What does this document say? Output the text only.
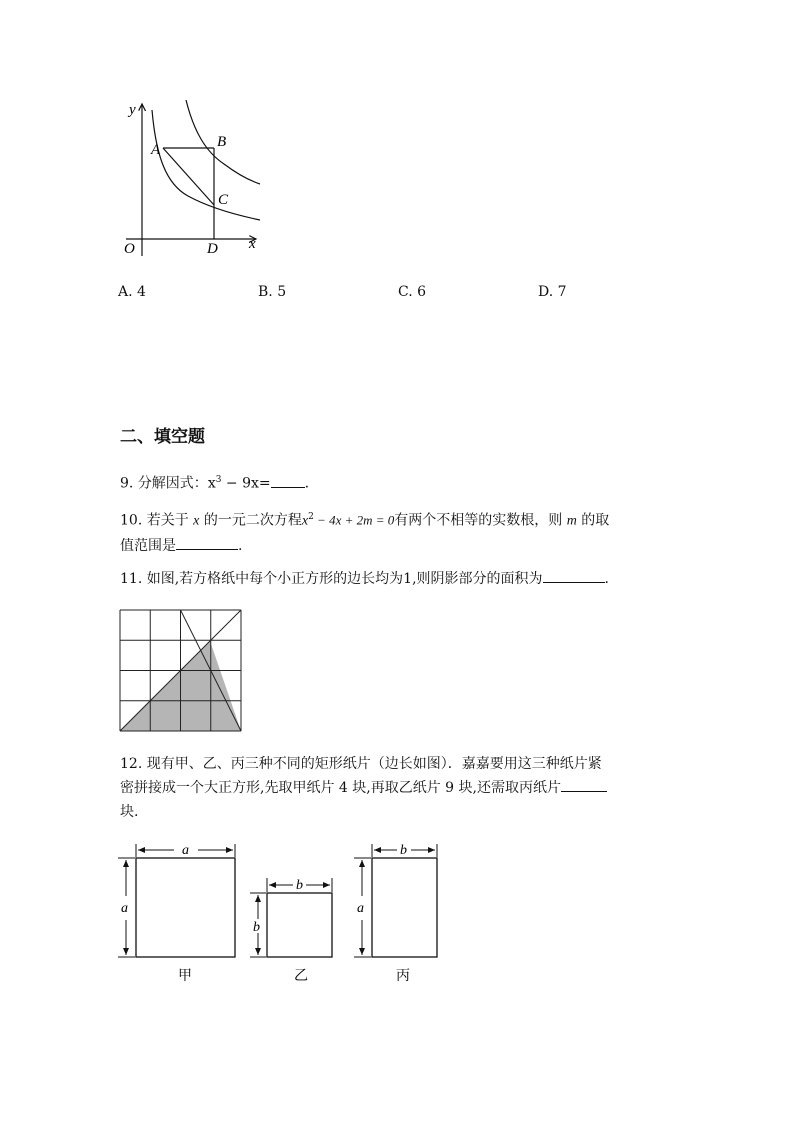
y
A	B
C
O	D x
A. 4	B. 5	C. 6	D. 7
二、填空题
9. 分解因式：$x^3 - 9x=$ .
10. 若关于 x 的一元二次方程$x^2 - 4x + 2m = 0$有两个不相等的实数根，则 m 的取
值范围是	.
11. 如图,若方格纸中每个小正方形的边长均为1,则阴影部分的面积为	.
12. 现有甲、乙、丙三种不同的矩形纸片（边长如图）．嘉嘉要用这三种纸片紧
密拼接成一个大正方形,先取甲纸片 4 块,再取乙纸片 9 块,还需取丙纸片
块.
a
a
甲
b
b
乙
b
a
丙
